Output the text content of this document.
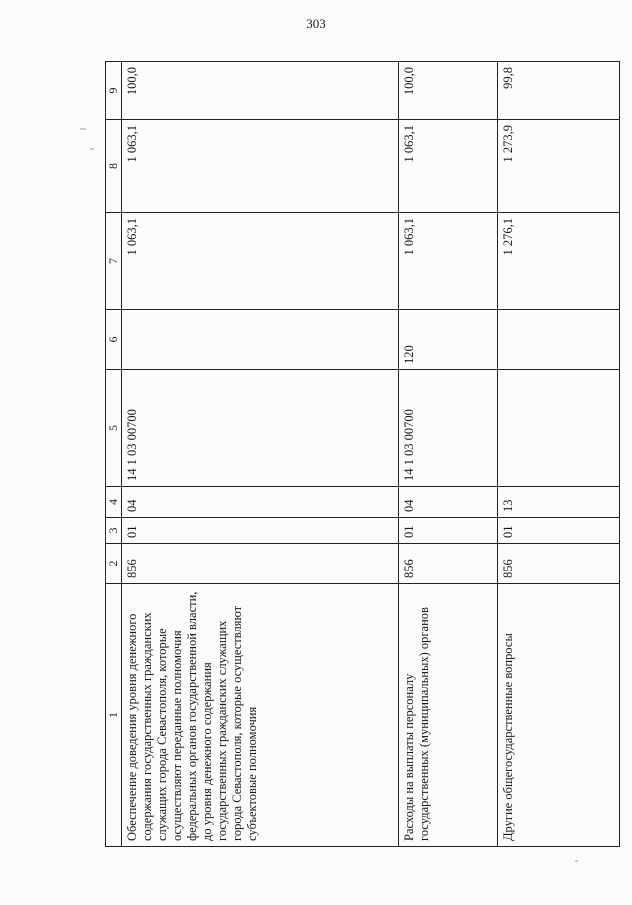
303
1	2	3	4	5	6	7	8	9
Обеспечение доведения уровня денежного содержания государственных гражданских служащих города Севастополя, которые осуществляют переданные полномочия федеральных органов государственной власти, до уровня денежного содержания государственных гражданских служащих города Севастополя, которые осуществляют субъектовые полномочия	856	01	04	14 1 03 00700		1 063,1	1 063,1	100,0
Расходы на выплаты персоналу государственных (муниципальных) органов	856	01	04	14 1 03 00700	120	1 063,1	1 063,1	100,0
Другие общегосударственные вопросы	856	01	13			1 276,1	1 273,9	99,8
